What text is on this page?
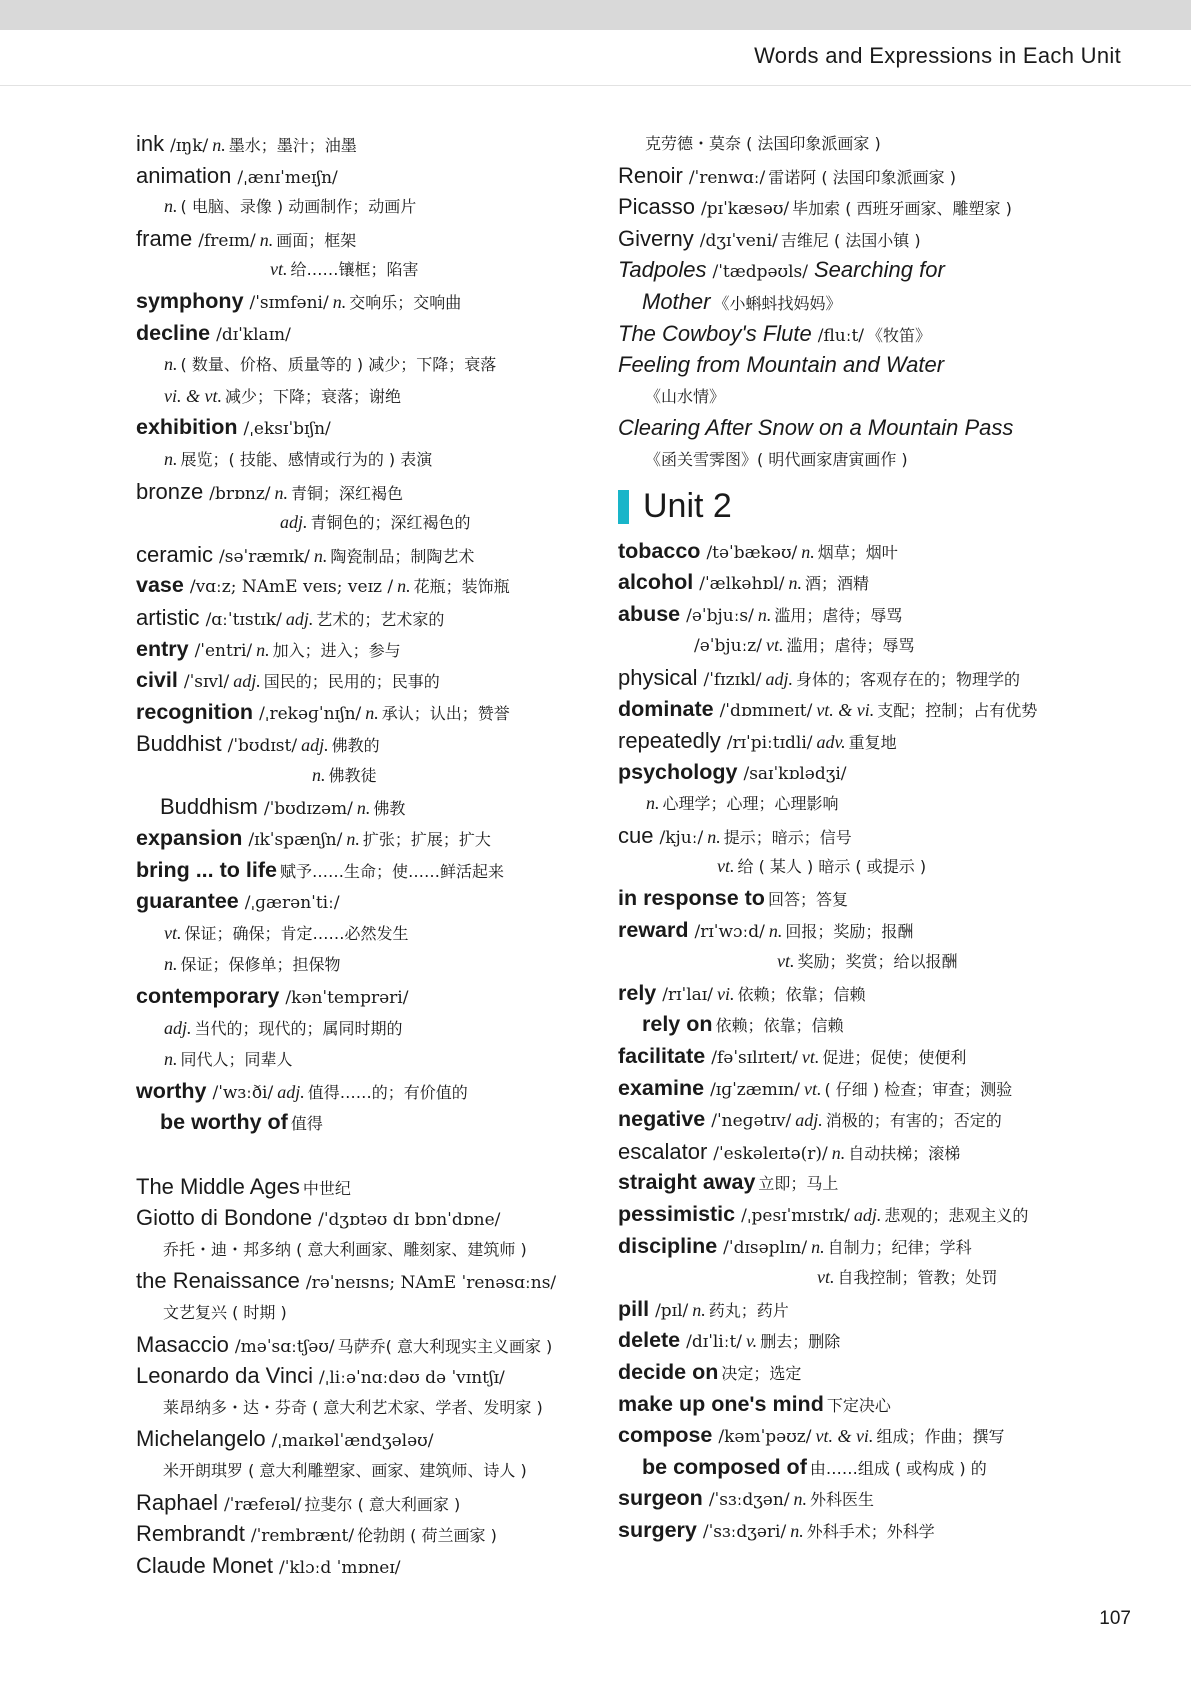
Words and Expressions in Each Unit
ink /ɪŋk/ n. 墨水；墨汁；油墨
animation /ˌænɪˈmeɪʃn/
n. ( 电脑、录像 ) 动画制作；动画片
frame /freɪm/ n. 画面；框架
vt. 给……镶框；陷害
symphony /ˈsɪmfəni/ n. 交响乐；交响曲
decline /dɪˈklaɪn/
n. ( 数量、价格、质量等的 ) 减少；下降；衰落
vi. & vt. 减少；下降；衰落；谢绝
exhibition /ˌeksɪˈbɪʃn/
n. 展览；( 技能、感情或行为的 ) 表演
bronze /brɒnz/ n. 青铜；深红褐色
adj. 青铜色的；深红褐色的
ceramic /səˈræmɪk/ n. 陶瓷制品；制陶艺术
vase /vɑːz; NAmE veɪs; veɪz / n. 花瓶；装饰瓶
artistic /ɑːˈtɪstɪk/ adj. 艺术的；艺术家的
entry /ˈentri/ n. 加入；进入；参与
civil /ˈsɪvl/ adj. 国民的；民用的；民事的
recognition /ˌrekəɡˈnɪʃn/ n. 承认；认出；赞誉
Buddhist /ˈbʊdɪst/ adj. 佛教的
n. 佛教徒
Buddhism /ˈbʊdɪzəm/ n. 佛教
expansion /ɪkˈspænʃn/ n. 扩张；扩展；扩大
bring ... to life 赋予……生命；使……鲜活起来
guarantee /ˌɡærənˈtiː/
vt. 保证；确保；肯定……必然发生
n. 保证；保修单；担保物
contemporary /kənˈtemprəri/
adj. 当代的；现代的；属同时期的
n. 同代人；同辈人
worthy /ˈwɜːði/ adj. 值得……的；有价值的
be worthy of 值得
The Middle Ages 中世纪
Giotto di Bondone /ˈdʒɒtəʊ dɪ bɒnˈdɒne/
乔托・迪・邦多纳 ( 意大利画家、雕刻家、建筑师 )
the Renaissance /rəˈneɪsns; NAmE ˈrenəsɑːns/
文艺复兴 ( 时期 )
Masaccio /məˈsɑːtʃəʊ/ 马萨乔( 意大利现实主义画家 )
Leonardo da Vinci /ˌliːəˈnɑːdəʊ də ˈvɪntʃɪ/
莱昂纳多・达・芬奇 ( 意大利艺术家、学者、发明家 )
Michelangelo /ˌmaɪkəlˈændʒələʊ/
米开朗琪罗 ( 意大利雕塑家、画家、建筑师、诗人 )
Raphael /ˈræfeɪəl/ 拉斐尔 ( 意大利画家 )
Rembrandt /ˈrembrænt/ 伦勃朗 ( 荷兰画家 )
Claude Monet /ˈklɔːd ˈmɒneɪ/
克劳德・莫奈 ( 法国印象派画家 )
Renoir /ˈrenwɑː/ 雷诺阿 ( 法国印象派画家 )
Picasso /pɪˈkæsəʊ/ 毕加索 ( 西班牙画家、雕塑家 )
Giverny /dʒɪˈveni/ 吉维尼 ( 法国小镇 )
Tadpoles /ˈtædpəʊls/ Searching for
Mother 《小蝌蚪找妈妈》
The Cowboy's Flute /fluːt/ 《牧笛》
Feeling from Mountain and Water
《山水情》
Clearing After Snow on a Mountain Pass
《函关雪霁图》( 明代画家唐寅画作 )
Unit 2
tobacco /təˈbækəʊ/ n. 烟草；烟叶
alcohol /ˈælkəhɒl/ n. 酒；酒精
abuse /əˈbjuːs/ n. 滥用；虐待；辱骂
/əˈbjuːz/ vt. 滥用；虐待；辱骂
physical /ˈfɪzɪkl/ adj. 身体的；客观存在的；物理学的
dominate /ˈdɒmɪneɪt/ vt. & vi. 支配；控制；占有优势
repeatedly /rɪˈpiːtɪdli/ adv. 重复地
psychology /saɪˈkɒlədʒi/
n. 心理学；心理；心理影响
cue /kjuː/ n. 提示；暗示；信号
vt. 给 ( 某人 ) 暗示 ( 或提示 )
in response to 回答；答复
reward /rɪˈwɔːd/ n. 回报；奖励；报酬
vt. 奖励；奖赏；给以报酬
rely /rɪˈlaɪ/ vi. 依赖；依靠；信赖
rely on 依赖；依靠；信赖
facilitate /fəˈsɪlɪteɪt/ vt. 促进；促使；使便利
examine /ɪɡˈzæmɪn/ vt. ( 仔细 ) 检查；审查；测验
negative /ˈneɡətɪv/ adj. 消极的；有害的；否定的
escalator /ˈeskəleɪtə(r)/ n. 自动扶梯；滚梯
straight away 立即；马上
pessimistic /ˌpesɪˈmɪstɪk/ adj. 悲观的；悲观主义的
discipline /ˈdɪsəplɪn/ n. 自制力；纪律；学科
vt. 自我控制；管教；处罚
pill /pɪl/ n. 药丸；药片
delete /dɪˈliːt/ v. 删去；删除
decide on 决定；选定
make up one's mind 下定决心
compose /kəmˈpəʊz/ vt. & vi. 组成；作曲；撰写
be composed of 由……组成 ( 或构成 ) 的
surgeon /ˈsɜːdʒən/ n. 外科医生
surgery /ˈsɜːdʒəri/ n. 外科手术；外科学
107
